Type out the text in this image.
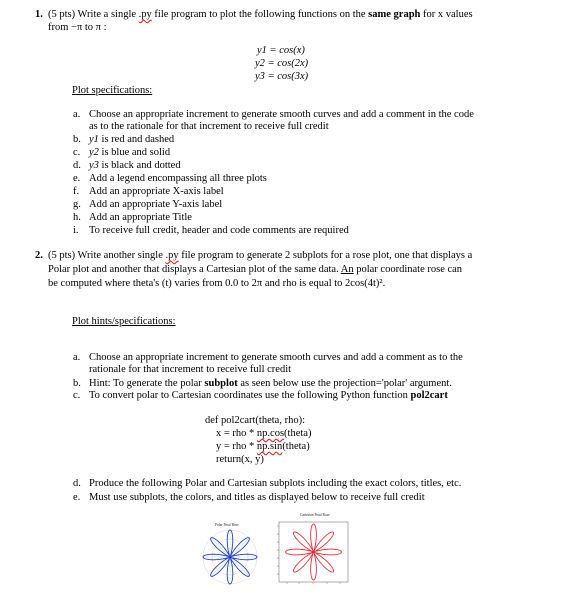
1. (5 pts) Write a single .py file program to plot the following functions on the same graph for x values
from −π to π :
y1 = cos(x)
y2 = cos(2x)
y3 = cos(3x)
Plot specifications:
a. Choose an appropriate increment to generate smooth curves and add a comment in the code
as to the rationale for that increment to receive full credit
b. y1 is red and dashed
c. y2 is blue and solid
d. y3 is black and dotted
e. Add a legend encompassing all three plots
f. Add an appropriate X-axis label
g. Add an appropriate Y-axis label
h. Add an appropriate Title
i. To receive full credit, header and code comments are required
2. (5 pts) Write another single .py file program to generate 2 subplots for a rose plot, one that displays a
Polar plot and another that displays a Cartesian plot of the same data. An polar coordinate rose can
be computed where theta's (t) varies from 0.0 to 2π and rho is equal to 2cos(4t)².
Plot hints/specifications:
a. Choose an appropriate increment to generate smooth curves and add a comment as to the
rationale for that increment to receive full credit
b. Hint: To generate the polar subplot as seen below use the projection='polar' argument.
c. To convert polar to Cartesian coordinates use the following Python function pol2cart
def pol2cart(theta, rho):
x = rho * np.cos(theta)
y = rho * np.sin(theta)
return(x, y)
d. Produce the following Polar and Cartesian subplots including the exact colors, titles, etc.
e. Must use subplots, the colors, and titles as displayed below to receive full credit
Polar Petal Rose
Cartesian Petal Rose
